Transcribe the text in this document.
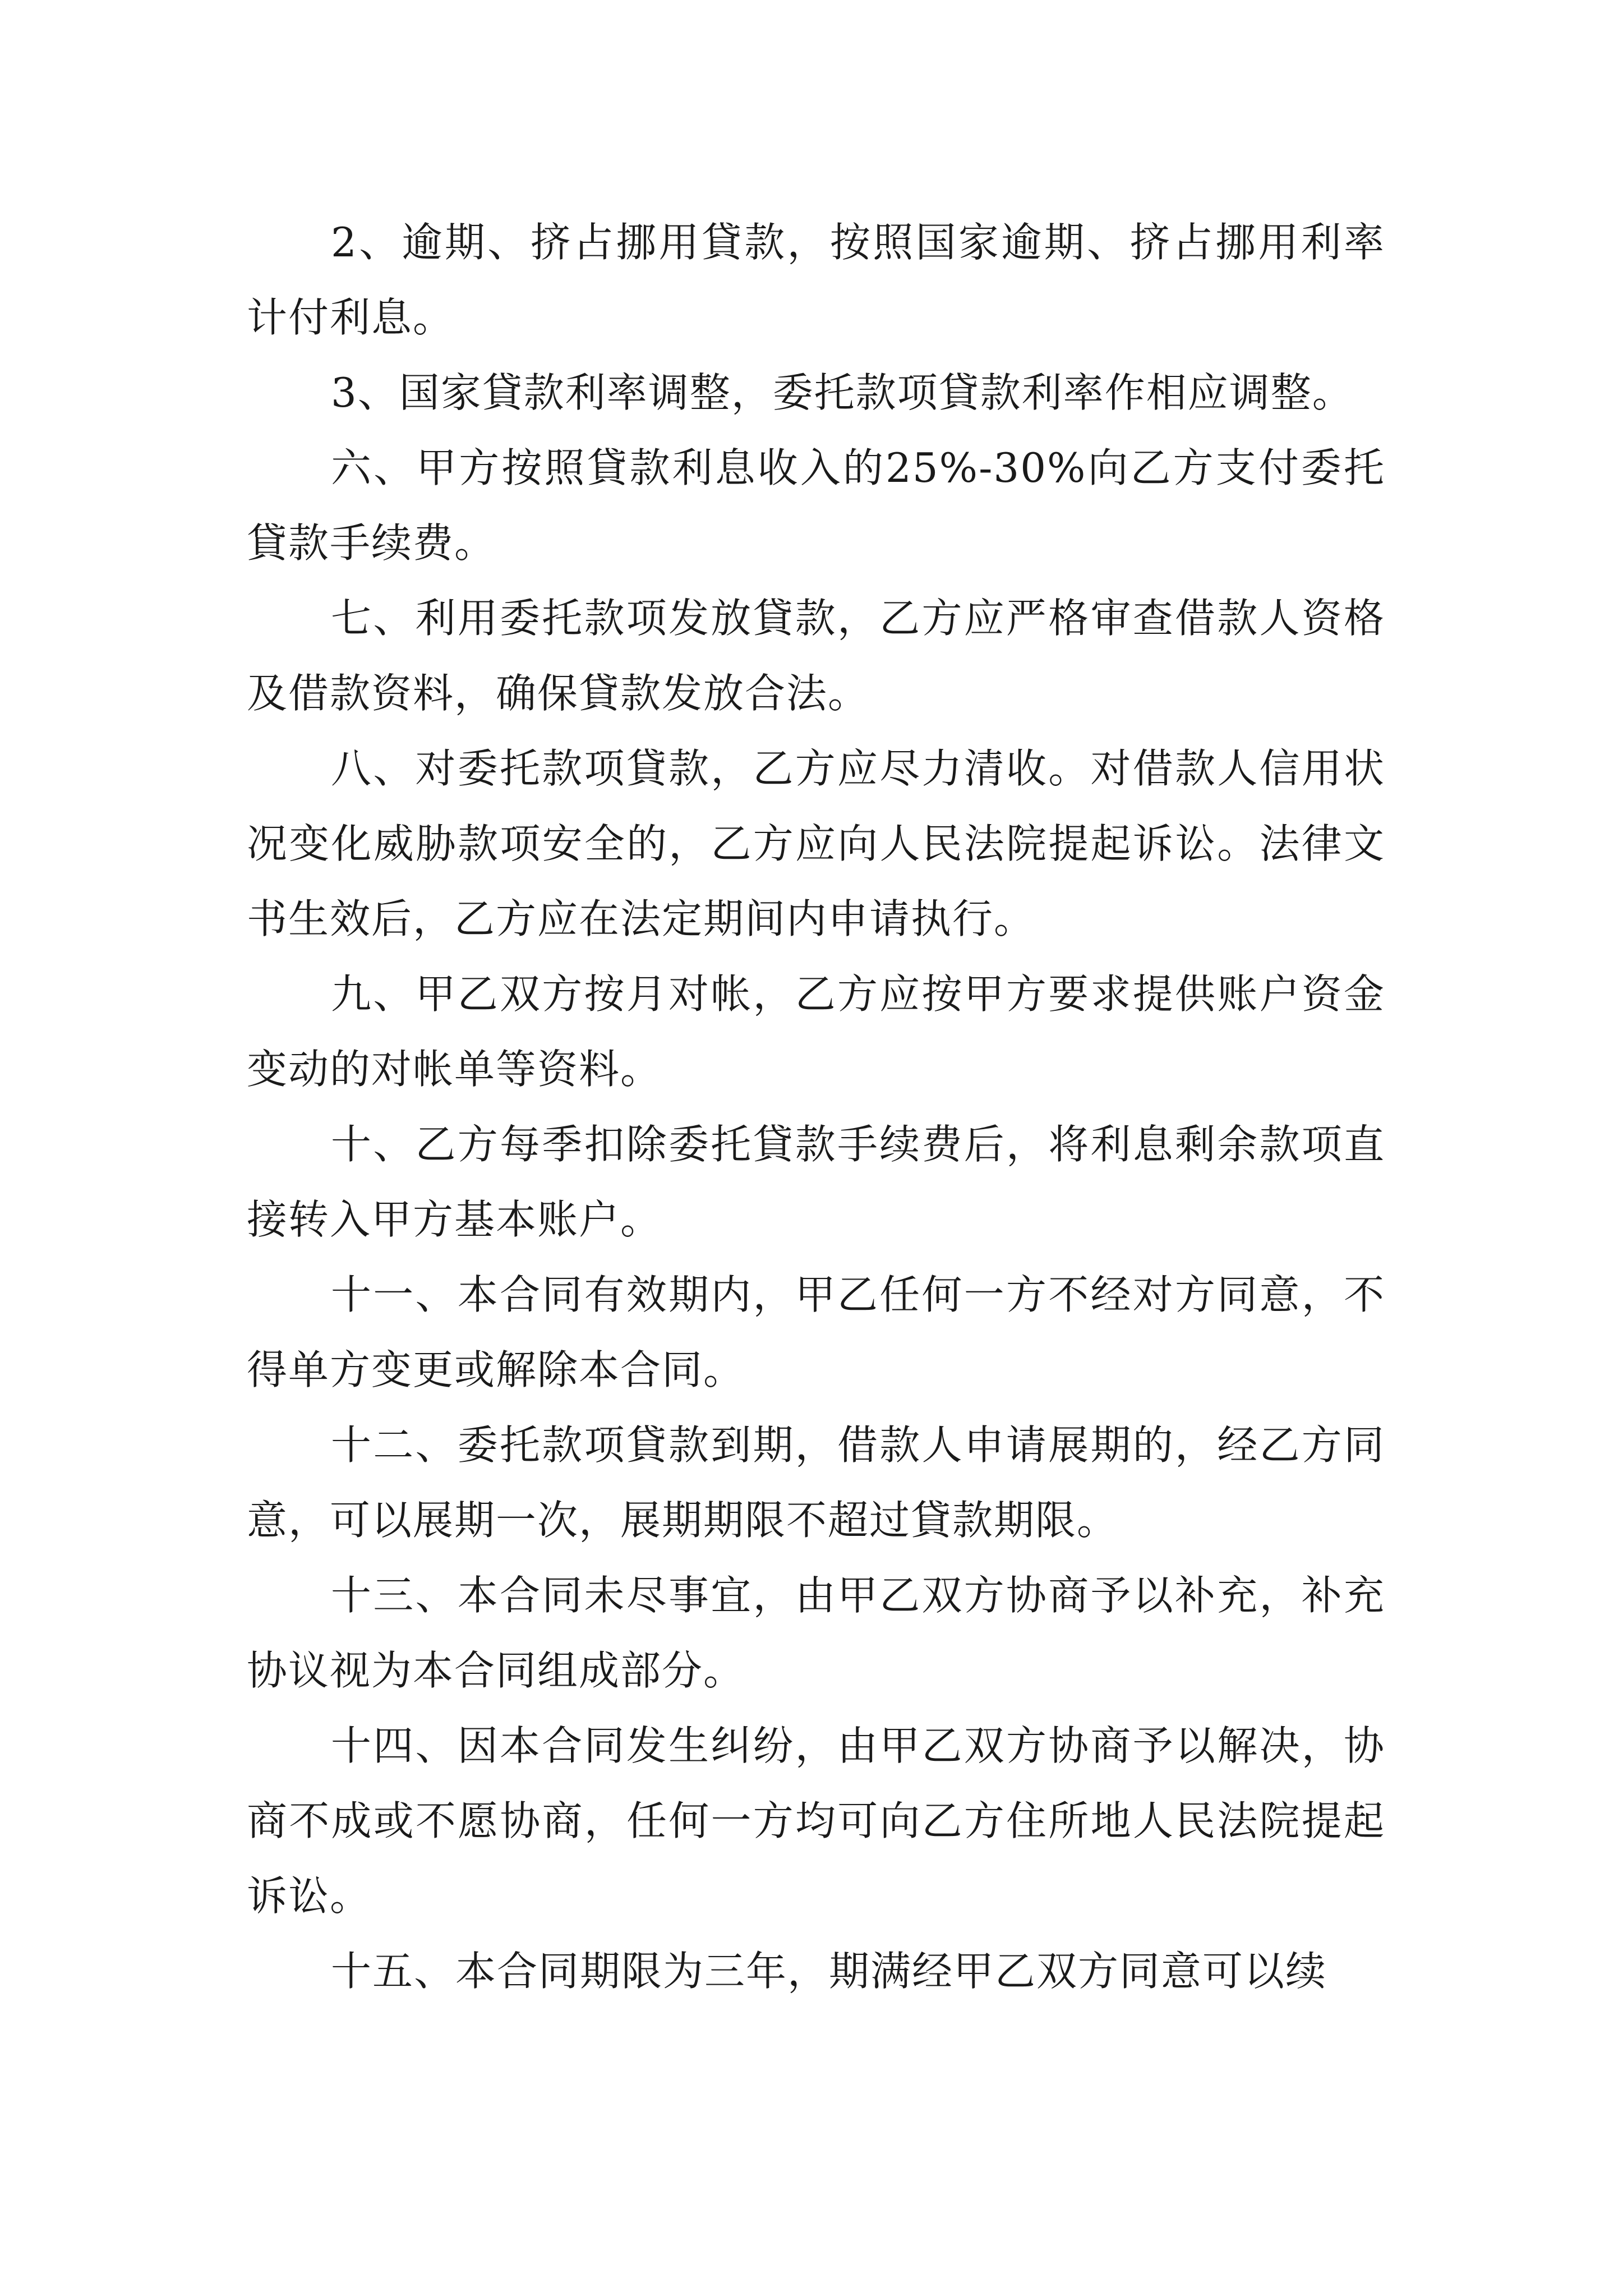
2、逾期、挤占挪用貸款，按照国家逾期、挤占挪用利率计付利息。

3、国家貸款利率调整，委托款项貸款利率作相应调整。

六、甲方按照貸款利息收入的25%-30%向乙方支付委托貸款手续费。

七、利用委托款项发放貸款，乙方应严格审查借款人资格及借款资料，确保貸款发放合法。

八、对委托款项貸款，乙方应尽力清收。对借款人信用状况变化威胁款项安全的，乙方应向人民法院提起诉讼。法律文书生效后，乙方应在法定期间内申请执行。

九、甲乙双方按月对帐，乙方应按甲方要求提供账户资金变动的对帐单等资料。

十、乙方每季扣除委托貸款手续费后，将利息剩余款项直接转入甲方基本账户。

十一、本合同有效期内，甲乙任何一方不经对方同意，不得单方变更或解除本合同。

十二、委托款项貸款到期，借款人申请展期的，经乙方同意，可以展期一次，展期期限不超过貸款期限。

十三、本合同未尽事宜，由甲乙双方协商予以补充，补充协议视为本合同组成部分。

十四、因本合同发生纠纷，由甲乙双方协商予以解决，协商不成或不愿协商，任何一方均可向乙方住所地人民法院提起诉讼。

十五、本合同期限为三年，期满经甲乙双方同意可以续
